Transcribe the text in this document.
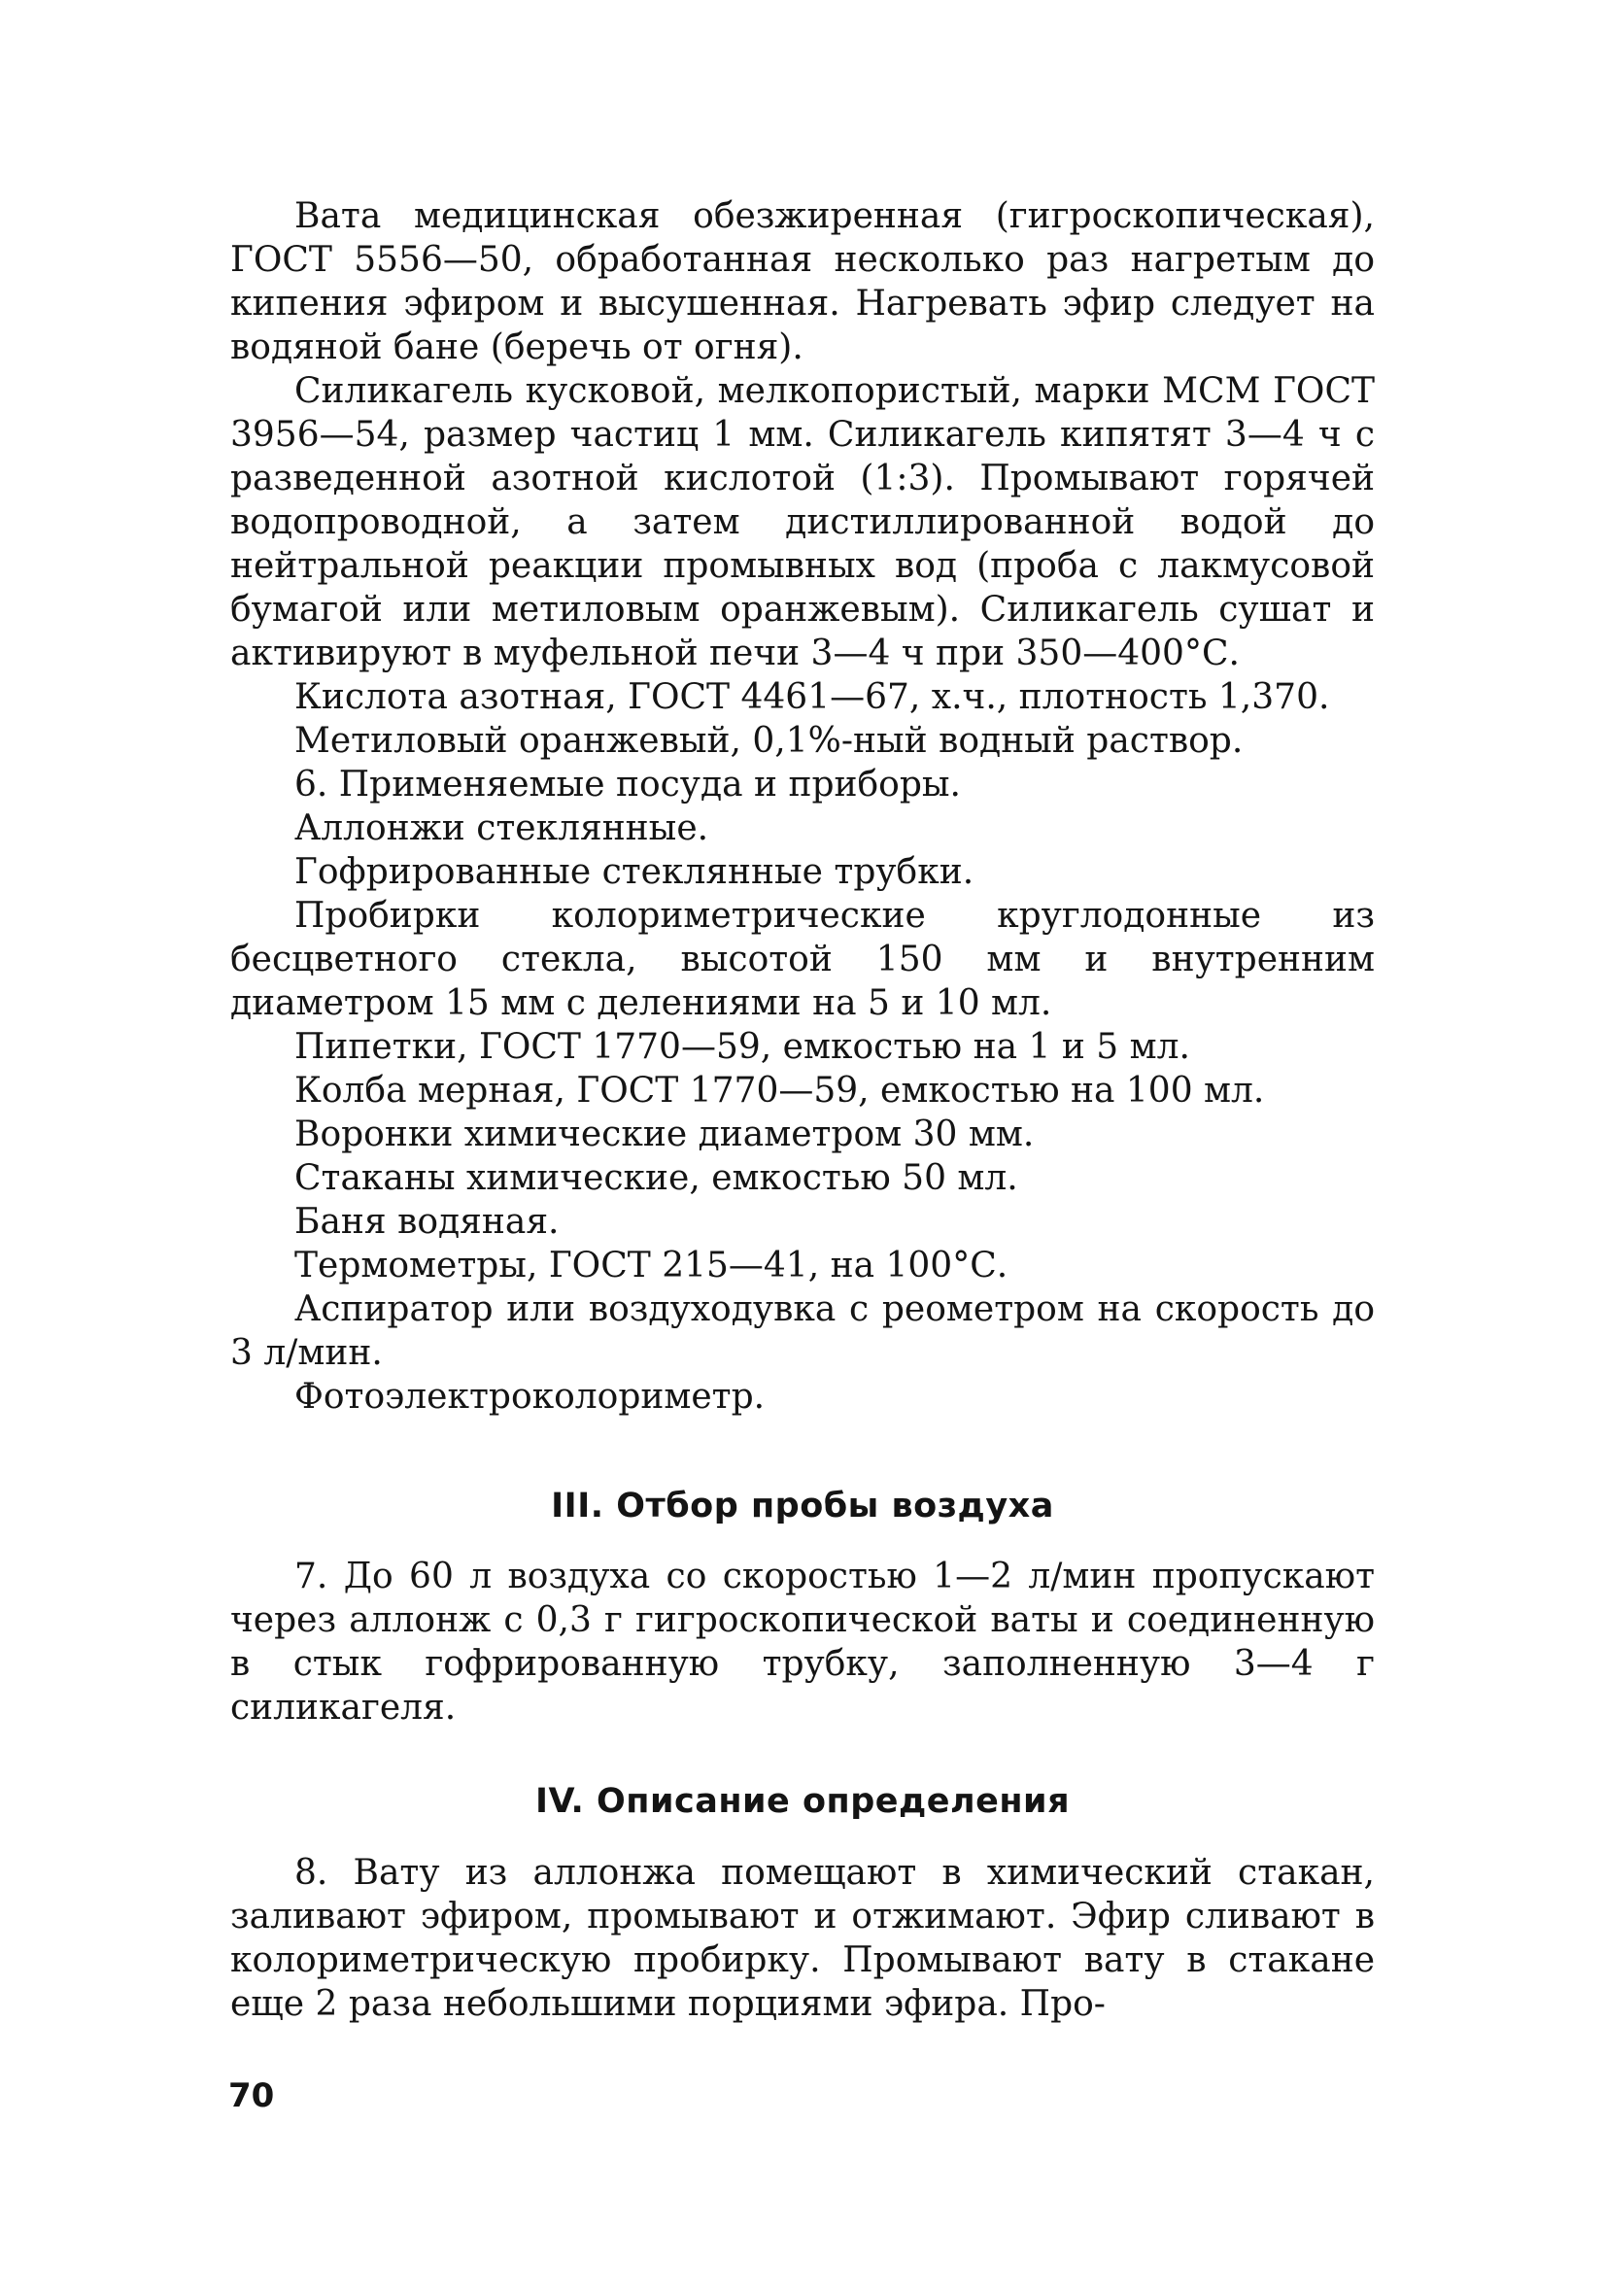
Вата медицинская обезжиренная (гигроскопическая), ГОСТ 5556—50, обработанная несколько раз нагретым до кипения эфиром и высушенная. Нагревать эфир следует на водяной бане (беречь от огня).

Силикагель кусковой, мелкопористый, марки МСМ ГОСТ 3956—54, размер частиц 1 мм. Силикагель кипятят 3—4 ч с разведенной азотной кислотой (1:3). Промывают горячей водопроводной, а затем дистиллированной водой до нейтральной реакции промывных вод (проба с лакмусовой бумагой или метиловым оранжевым). Силикагель сушат и активируют в муфельной печи 3—4 ч при 350—400°С.

Кислота азотная, ГОСТ 4461—67, х.ч., плотность 1,370.

Метиловый оранжевый, 0,1%-ный водный раствор.

6. Применяемые посуда и приборы.

Аллонжи стеклянные.

Гофрированные стеклянные трубки.

Пробирки колориметрические круглодонные из бесцветного стекла, высотой 150 мм и внутренним диаметром 15 мм с делениями на 5 и 10 мл.

Пипетки, ГОСТ 1770—59, емкостью на 1 и 5 мл.

Колба мерная, ГОСТ 1770—59, емкостью на 100 мл.

Воронки химические диаметром 30 мм.

Стаканы химические, емкостью 50 мл.

Баня водяная.

Термометры, ГОСТ 215—41, на 100°С.

Аспиратор или воздуходувка с реометром на скорость до 3 л/мин.

Фотоэлектроколориметр.

III. Отбор пробы воздуха

7. До 60 л воздуха со скоростью 1—2 л/мин пропускают через аллонж с 0,3 г гигроскопической ваты и соединенную в стык гофрированную трубку, заполненную 3—4 г силикагеля.

IV. Описание определения

8. Вату из аллонжа помещают в химический стакан, заливают эфиром, промывают и отжимают. Эфир сливают в колориметрическую пробирку. Промывают вату в стакане еще 2 раза небольшими порциями эфира. Про-

70
